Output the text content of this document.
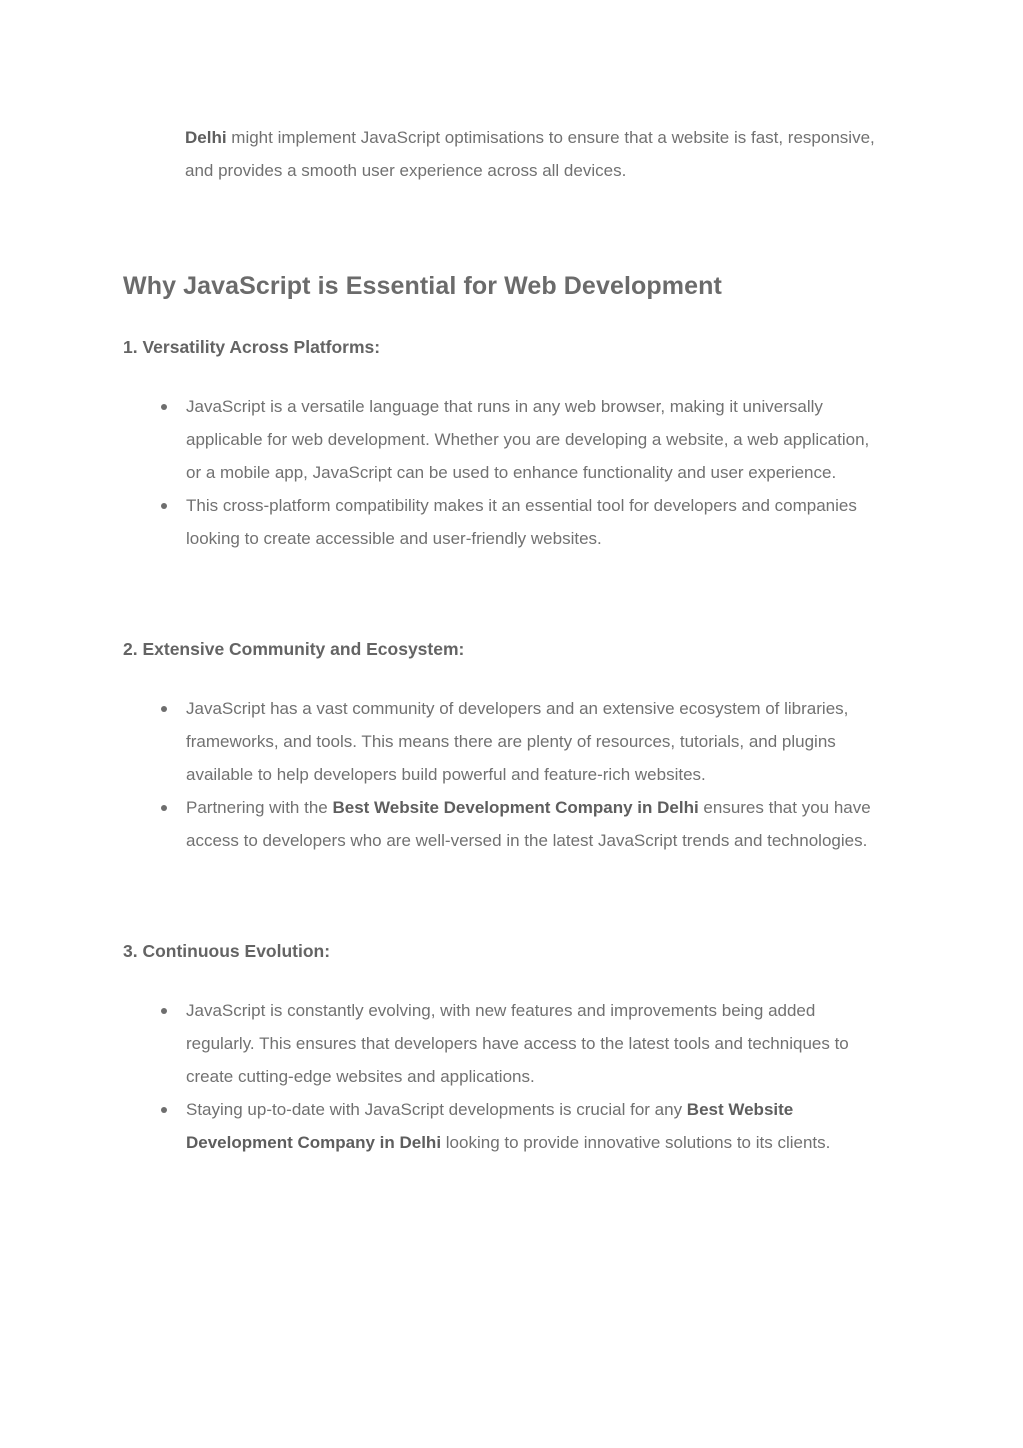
Delhi might implement JavaScript optimisations to ensure that a website is fast, responsive, and provides a smooth user experience across all devices.

Why JavaScript is Essential for Web Development
1. Versatility Across Platforms:
JavaScript is a versatile language that runs in any web browser, making it universally applicable for web development. Whether you are developing a website, a web application, or a mobile app, JavaScript can be used to enhance functionality and user experience.
This cross-platform compatibility makes it an essential tool for developers and companies looking to create accessible and user-friendly websites.
2. Extensive Community and Ecosystem:
JavaScript has a vast community of developers and an extensive ecosystem of libraries, frameworks, and tools. This means there are plenty of resources, tutorials, and plugins available to help developers build powerful and feature-rich websites.
Partnering with the Best Website Development Company in Delhi ensures that you have access to developers who are well-versed in the latest JavaScript trends and technologies.
3. Continuous Evolution:
JavaScript is constantly evolving, with new features and improvements being added regularly. This ensures that developers have access to the latest tools and techniques to create cutting-edge websites and applications.
Staying up-to-date with JavaScript developments is crucial for any Best Website Development Company in Delhi looking to provide innovative solutions to its clients.
